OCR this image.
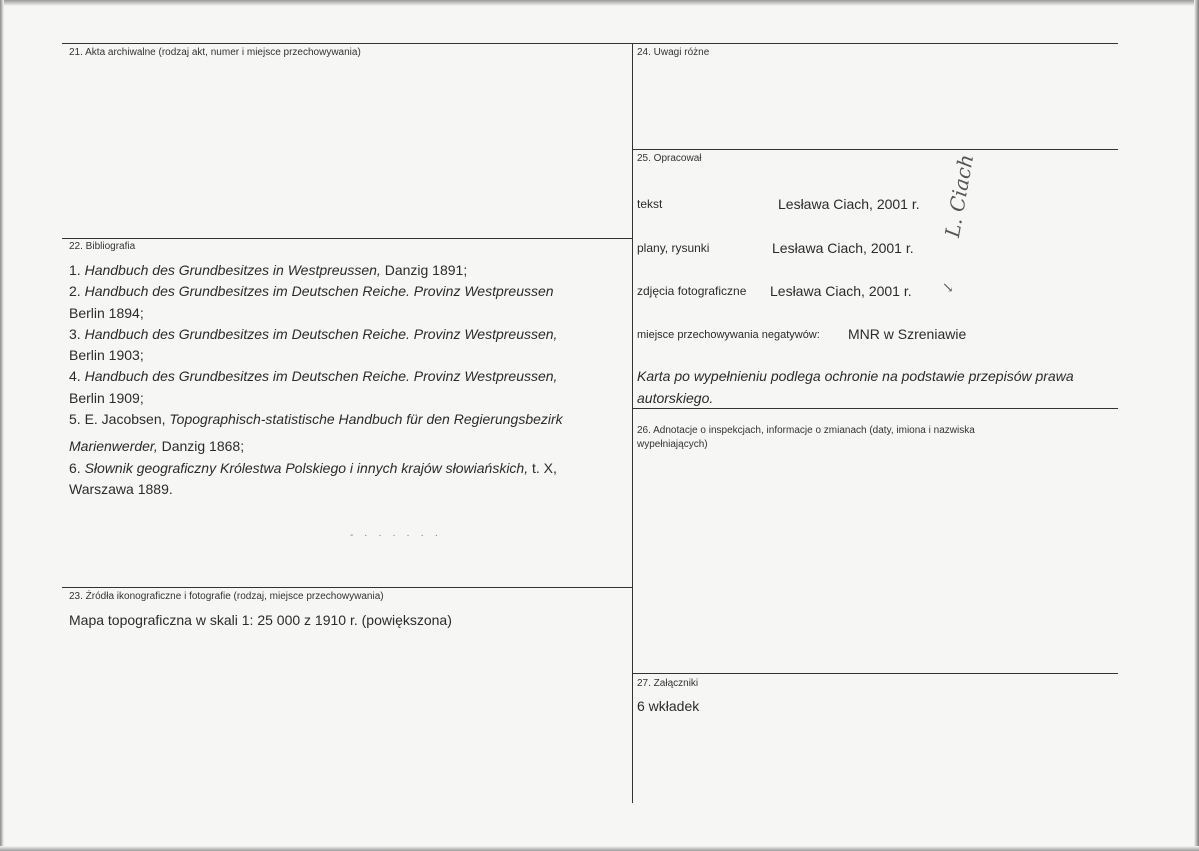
21. Akta archiwalne (rodzaj akt, numer i miejsce przechowywania)
22. Bibliografia
1. Handbuch des Grundbesitzes in Westpreussen, Danzig 1891;
2. Handbuch des Grundbesitzes im Deutschen Reiche. Provinz Westpreussen
Berlin 1894;
3. Handbuch des Grundbesitzes im Deutschen Reiche. Provinz Westpreussen,
Berlin 1903;
4. Handbuch des Grundbesitzes im Deutschen Reiche. Provinz Westpreussen,
Berlin 1909;
5. E. Jacobsen, Topographisch-statistische Handbuch für den Regierungsbezirk
Marienwerder, Danzig 1868;
6. Słownik geograficzny Królestwa Polskiego i innych krajów słowiańskich, t. X,
Warszawa 1889.
- · · · · · ·
23. Źródła ikonograficzne i fotografie (rodzaj, miejsce przechowywania)
Mapa topograficzna w skali 1: 25 000 z 1910 r. (powiększona)
24. Uwagi różne
25. Opracował
tekst	Lesława Ciach, 2001 r.
plany, rysunki	Lesława Ciach, 2001 r.
zdjęcia fotograficzne Lesława Ciach, 2001 r.
L. Ciach
↘
miejsce przechowywania negatywów: MNR w Szreniawie
Karta po wypełnieniu podlega ochronie na podstawie przepisów prawa
autorskiego.
26. Adnotacje o inspekcjach, informacje o zmianach (daty, imiona i nazwiska
wypełniających)
27. Załączniki
6 wkładek
